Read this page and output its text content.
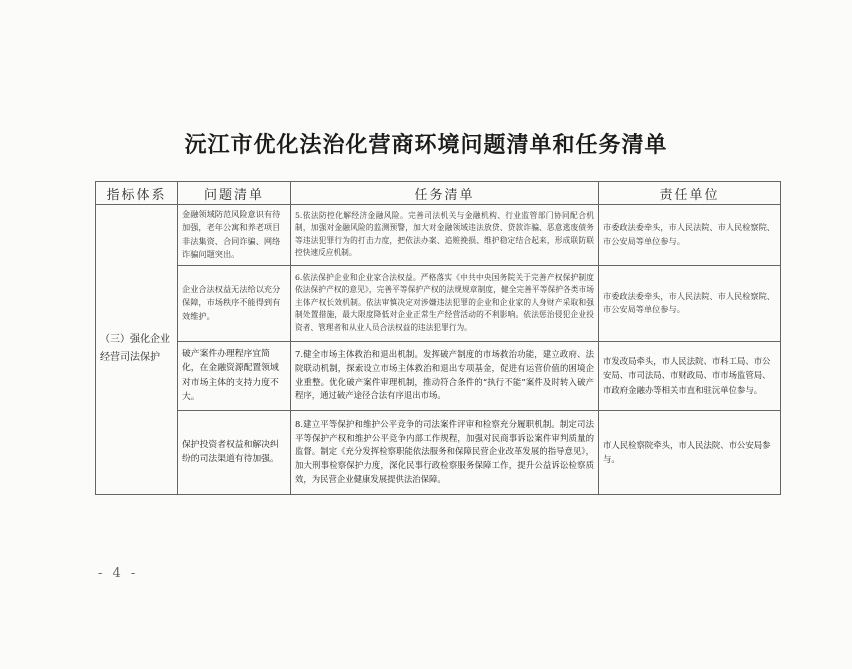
沅江市优化法治化营商环境问题清单和任务清单
指标体系	问题清单	任务清单	责任单位
（三）强化企业经营司法保护	金融领域防范风险意识有待加强，老年公寓和养老项目非法集资、合同诈骗、网络诈骗问题突出。	5.依法防控化解经济金融风险。完善司法机关与金融机构、行业监管部门协同配合机制，加强对金融风险的监测预警，加大对金融领域违法放贷、贷款诈骗、恶意逃废债务等违法犯罪行为的打击力度，把依法办案、追赃挽损、维护稳定结合起来，形成联防联控快速反应机制。	市委政法委牵头，市人民法院、市人民检察院、市公安局等单位参与。
	企业合法权益无法给以充分保障，市场秩序不能得到有效维护。	6.依法保护企业和企业家合法权益。严格落实《中共中央国务院关于完善产权保护制度依法保护产权的意见》，完善平等保护产权的法规规章制度，健全完善平等保护各类市场主体产权长效机制。依法审慎决定对涉嫌违法犯罪的企业和企业家的人身财产采取和强制处置措施，最大限度降低对企业正常生产经营活动的不利影响。依法惩治侵犯企业投资者、管理者和从业人员合法权益的违法犯罪行为。	市委政法委牵头，市人民法院、市人民检察院、市公安局等单位参与。
	破产案件办理程序宜简化，在金融资源配置领域对市场主体的支持力度不大。	7.健全市场主体救治和退出机制。发挥破产制度的市场救治功能，建立政府、法院联动机制，探索设立市场主体救治和退出专项基金，促进有运营价值的困境企业重整。优化破产案件审理机制，推动符合条件的“执行不能”案件及时转入破产程序，通过破产途径合法有序退出市场。	市发改局牵头，市人民法院、市科工局、市公安局、市司法局、市财政局、市市场监管局、市政府金融办等相关市直和驻沅单位参与。
	保护投资者权益和解决纠纷的司法渠道有待加强。	8.建立平等保护和维护公平竞争的司法案件评审和检察充分履职机制。制定司法平等保护产权和维护公平竞争内部工作规程，加强对民商事诉讼案件审判质量的监督。制定《充分发挥检察职能依法服务和保障民营企业改革发展的指导意见》，加大刑事检察保护力度，深化民事行政检察服务保障工作，提升公益诉讼检察质效，为民营企业健康发展提供法治保障。	市人民检察院牵头，市人民法院、市公安局参与。
- 4 -
